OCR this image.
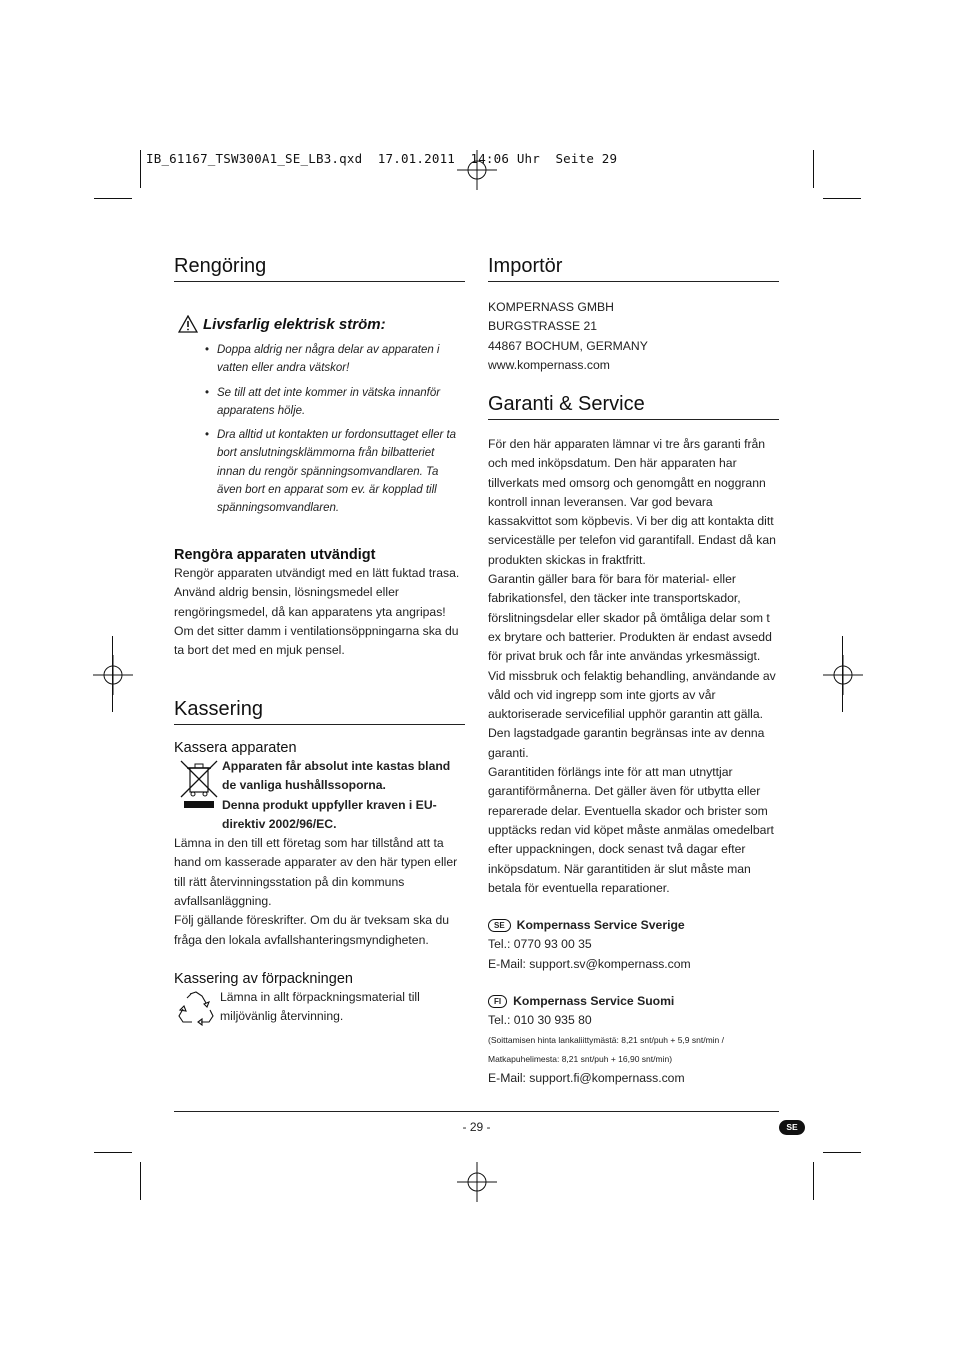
IB_61167_TSW300A1_SE_LB3.qxd  17.01.2011  14:06 Uhr  Seite 29
Rengöring
Livsfarlig elektrisk ström:
• Doppa aldrig ner några delar av apparaten i vatten eller andra vätskor!
• Se till att det inte kommer in vätska innanför apparatens hölje.
• Dra alltid ut kontakten ur fordonsuttaget eller ta bort anslutningsklämmorna från bilbatteriet innan du rengör spänningsomvandlaren. Ta även bort en apparat som ev. är kopplad till spänningsomvandlaren.
Rengöra apparaten utvändigt

Rengör apparaten utvändigt med en lätt fuktad trasa. Använd aldrig bensin, lösningsmedel eller rengöringsmedel, då kan apparatens yta angripas!

Om det sitter damm i ventilationsöppningarna ska du ta bort det med en mjuk pensel.

Kassering
Kassera apparaten

Apparaten får absolut inte kastas bland de vanliga hushållssoporna.

Denna produkt uppfyller kraven i EU-direktiv 2002/96/EC.

Lämna in den till ett företag som har tillstånd att ta hand om kasserade apparater av den här typen eller till rätt återvinningsstation på din kommuns avfallsanläggning.

Följ gällande föreskrifter. Om du är tveksam ska du fråga den lokala avfallshanteringsmyndigheten.

Kassering av förpackningen

Lämna in allt förpackningsmaterial till miljövänlig återvinning.

Importör

KOMPERNASS GMBH

BURGSTRASSE 21

44867 BOCHUM, GERMANY

www.kompernass.com

Garanti & Service

För den här apparaten lämnar vi tre års garanti från och med inköpsdatum. Den här apparaten har tillverkats med omsorg och genomgått en noggrann kontroll innan leveransen. Var god bevara kassakvittot som köpbevis. Vi ber dig att kontakta ditt serviceställe per telefon vid garantifall. Endast då kan produkten skickas in fraktfritt.

Garantin gäller bara för bara för material- eller fabrikationsfel, den täcker inte transportskador, förslitningsdelar eller skador på ömtåliga delar som t ex brytare och batterier. Produkten är endast avsedd för privat bruk och får inte användas yrkesmässigt.

Vid missbruk och felaktig behandling, användande av våld och vid ingrepp som inte gjorts av vår auktoriserade servicefilial upphör garantin att gälla.

Den lagstadgade garantin begränsas inte av denna garanti.

Garantitiden förlängs inte för att man utnyttjar garantiförmånerna. Det gäller även för utbytta eller reparerade delar. Eventuella skador och brister som upptäcks redan vid köpet måste anmälas omedelbart efter uppackningen, dock senast två dagar efter inköpsdatum. När garantitiden är slut måste man betala för eventuella reparationer.

SE Kompernass Service Sverige

Tel.: 0770 93 00 35

E-Mail: support.sv@kompernass.com

FI Kompernass Service Suomi

Tel.: 010 30 935 80

(Soittamisen hinta lankaliittymästä: 8,21 snt/puh + 5,9 snt/min /

Matkapuhelimesta: 8,21 snt/puh + 16,90 snt/min)

E-Mail: support.fi@kompernass.com

- 29 -	SE
